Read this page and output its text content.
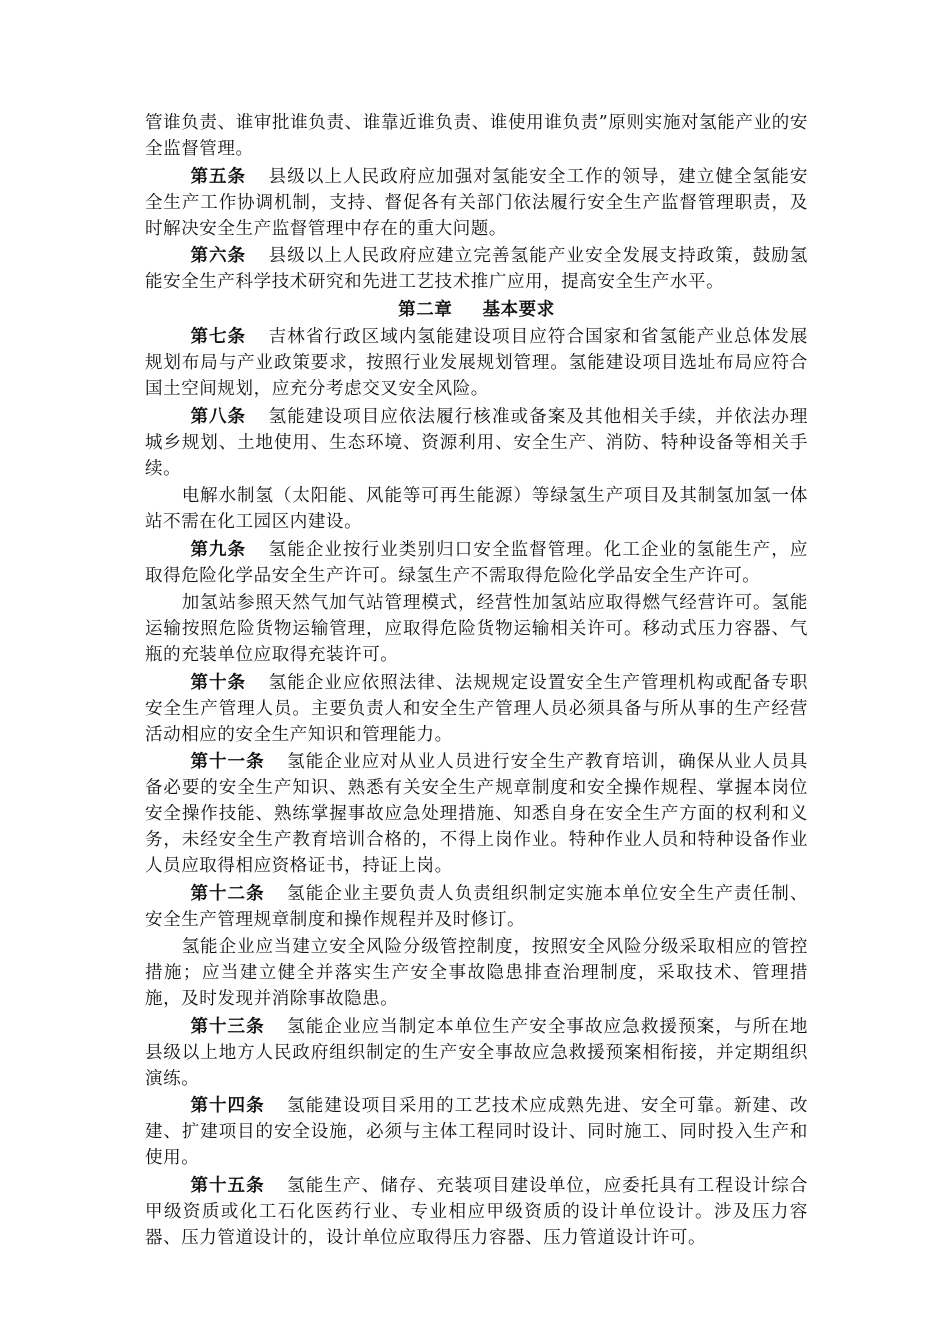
管谁负责、谁审批谁负责、谁靠近谁负责、谁使用谁负责”原则实施对氢能产业的安全监督管理。

第五条 县级以上人民政府应加强对氢能安全工作的领导，建立健全氢能安全生产工作协调机制，支持、督促各有关部门依法履行安全生产监督管理职责，及时解决安全生产监督管理中存在的重大问题。

第六条 县级以上人民政府应建立完善氢能产业安全发展支持政策，鼓励氢能安全生产科学技术研究和先进工艺技术推广应用，提高安全生产水平。

第二章 基本要求

第七条 吉林省行政区域内氢能建设项目应符合国家和省氢能产业总体发展规划布局与产业政策要求，按照行业发展规划管理。氢能建设项目选址布局应符合国土空间规划，应充分考虑交叉安全风险。

第八条 氢能建设项目应依法履行核准或备案及其他相关手续，并依法办理城乡规划、土地使用、生态环境、资源利用、安全生产、消防、特种设备等相关手续。

电解水制氢（太阳能、风能等可再生能源）等绿氢生产项目及其制氢加氢一体站不需在化工园区内建设。

第九条 氢能企业按行业类别归口安全监督管理。化工企业的氢能生产，应取得危险化学品安全生产许可。绿氢生产不需取得危险化学品安全生产许可。

加氢站参照天然气加气站管理模式，经营性加氢站应取得燃气经营许可。氢能运输按照危险货物运输管理，应取得危险货物运输相关许可。移动式压力容器、气瓶的充装单位应取得充装许可。

第十条 氢能企业应依照法律、法规规定设置安全生产管理机构或配备专职安全生产管理人员。主要负责人和安全生产管理人员必须具备与所从事的生产经营活动相应的安全生产知识和管理能力。

第十一条 氢能企业应对从业人员进行安全生产教育培训，确保从业人员具备必要的安全生产知识、熟悉有关安全生产规章制度和安全操作规程、掌握本岗位安全操作技能、熟练掌握事故应急处理措施、知悉自身在安全生产方面的权利和义务，未经安全生产教育培训合格的，不得上岗作业。特种作业人员和特种设备作业人员应取得相应资格证书，持证上岗。

第十二条 氢能企业主要负责人负责组织制定实施本单位安全生产责任制、安全生产管理规章制度和操作规程并及时修订。

氢能企业应当建立安全风险分级管控制度，按照安全风险分级采取相应的管控措施；应当建立健全并落实生产安全事故隐患排查治理制度，采取技术、管理措施，及时发现并消除事故隐患。

第十三条 氢能企业应当制定本单位生产安全事故应急救援预案，与所在地县级以上地方人民政府组织制定的生产安全事故应急救援预案相衔接，并定期组织演练。

第十四条 氢能建设项目采用的工艺技术应成熟先进、安全可靠。新建、改建、扩建项目的安全设施，必须与主体工程同时设计、同时施工、同时投入生产和使用。

第十五条 氢能生产、储存、充装项目建设单位，应委托具有工程设计综合甲级资质或化工石化医药行业、专业相应甲级资质的设计单位设计。涉及压力容器、压力管道设计的，设计单位应取得压力容器、压力管道设计许可。
